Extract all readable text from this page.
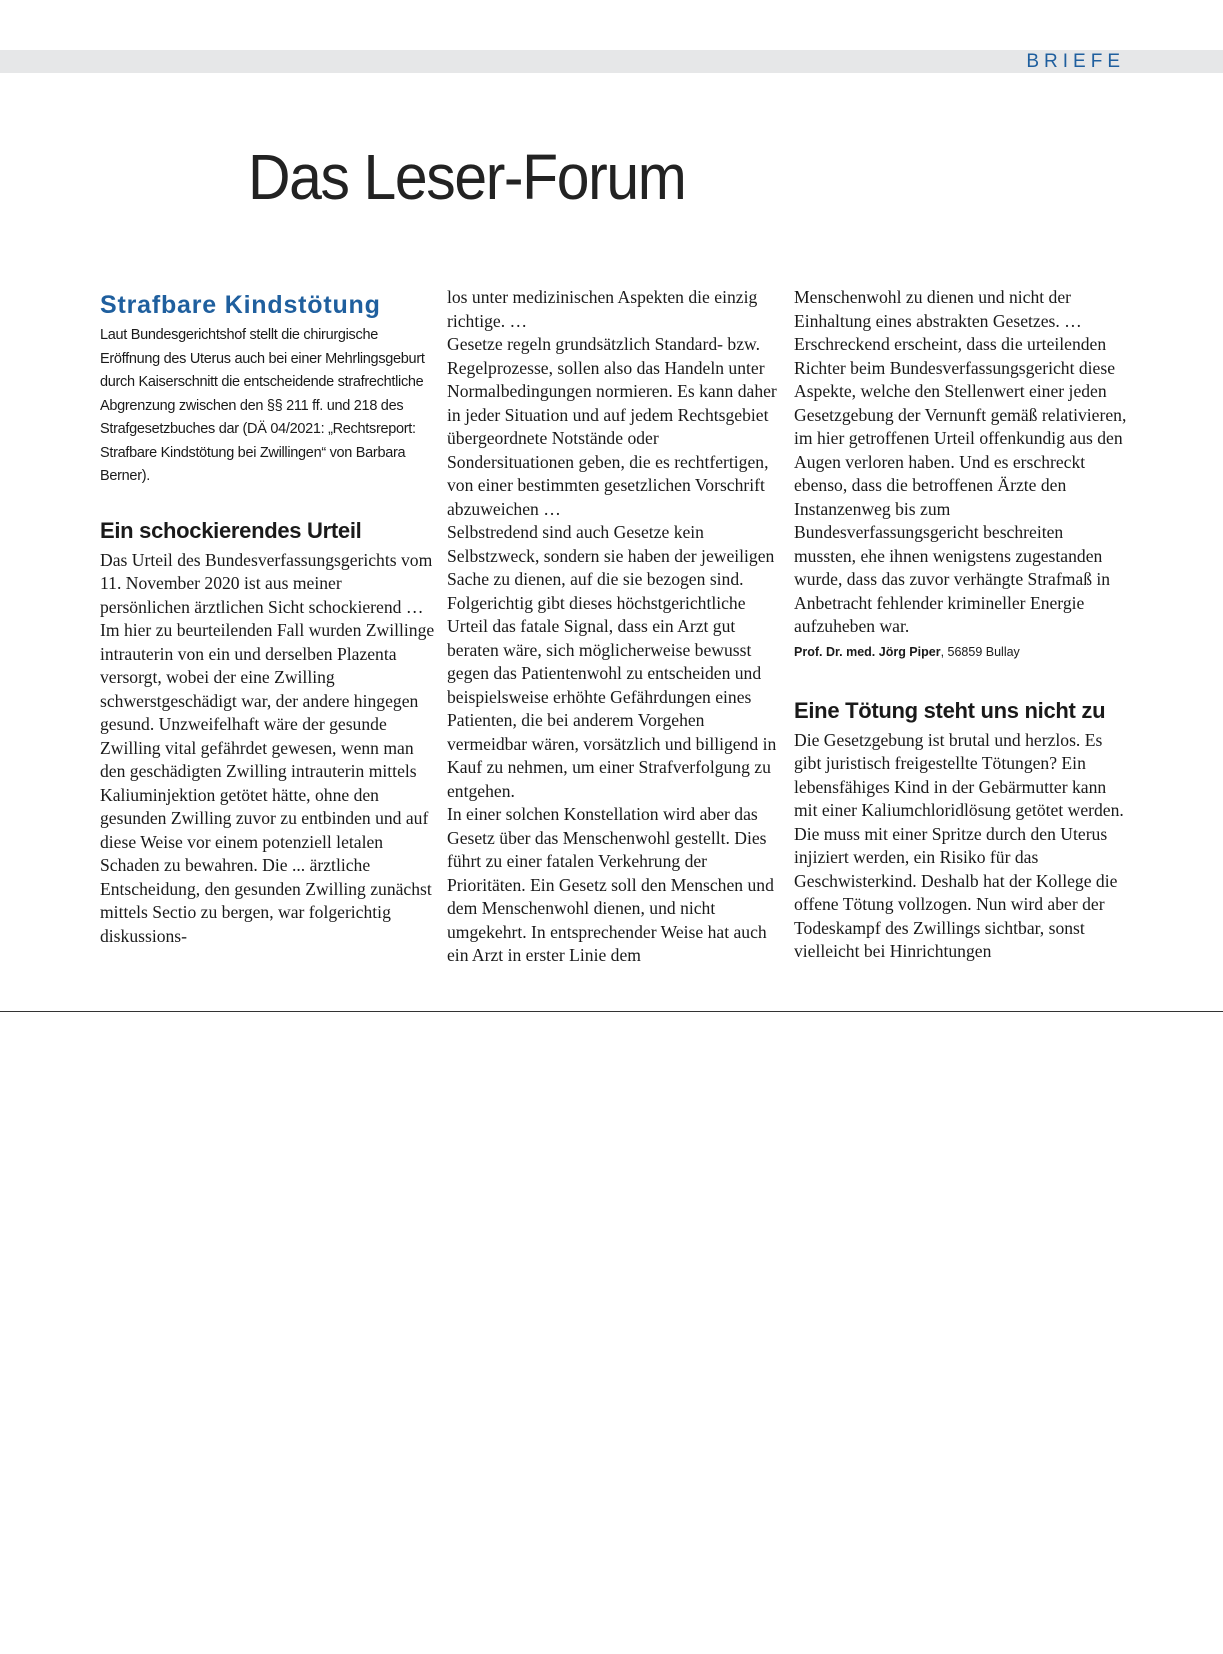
BRIEFE
Das Leser-Forum
Strafbare Kindstötung

Laut Bundesgerichtshof stellt die chirurgische Eröffnung des Uterus auch bei einer Mehrlingsgeburt durch Kaiserschnitt die entscheidende strafrechtliche Abgrenzung zwischen den §§ 211 ff. und 218 des Strafgesetzbuches dar (DÄ 04/2021: „Rechtsreport: Strafbare Kindstötung bei Zwillingen“ von Barbara Berner).

Ein schockierendes Urteil

Das Urteil des Bundesverfassungsgerichts vom 11. November 2020 ist aus meiner persönlichen ärztlichen Sicht schockierend … Im hier zu beurteilenden Fall wurden Zwillinge intrauterin von ein und derselben Plazenta versorgt, wobei der eine Zwilling schwerstgeschädigt war, der andere hingegen gesund. Unzweifelhaft wäre der gesunde Zwilling vital gefährdet gewesen, wenn man den geschädigten Zwilling intrauterin mittels Kaliuminjektion getötet hätte, ohne den gesunden Zwilling zuvor zu entbinden und auf diese Weise vor einem potenziell letalen Schaden zu bewahren. Die ... ärztliche Entscheidung, den gesunden Zwilling zunächst mittels Sectio zu bergen, war folgerichtig diskussions-

los unter medizinischen Aspekten die einzig richtige. …
Gesetze regeln grundsätzlich Standard- bzw. Regelprozesse, sollen also das Handeln unter Normalbedingungen normieren. Es kann daher in jeder Situation und auf jedem Rechtsgebiet übergeordnete Notstände oder Sondersituationen geben, die es rechtfertigen, von einer bestimmten gesetzlichen Vorschrift abzuweichen …
Selbstredend sind auch Gesetze kein Selbstzweck, sondern sie haben der jeweiligen Sache zu dienen, auf die sie bezogen sind. Folgerichtig gibt dieses höchstgerichtliche Urteil das fatale Signal, dass ein Arzt gut beraten wäre, sich möglicherweise bewusst gegen das Patientenwohl zu entscheiden und beispielsweise erhöhte Gefährdungen eines Patienten, die bei anderem Vorgehen vermeidbar wären, vorsätzlich und billigend in Kauf zu nehmen, um einer Strafverfolgung zu entgehen.
In einer solchen Konstellation wird aber das Gesetz über das Menschenwohl gestellt. Dies führt zu einer fatalen Verkehrung der Prioritäten. Ein Gesetz soll den Menschen und dem Menschenwohl dienen, und nicht umgekehrt. In entsprechender Weise hat auch ein Arzt in erster Linie dem

Menschenwohl zu dienen und nicht der Einhaltung eines abstrakten Gesetzes. …
Erschreckend erscheint, dass die urteilenden Richter beim Bundesverfassungsgericht diese Aspekte, welche den Stellenwert einer jeden Gesetzgebung der Vernunft gemäß relativieren, im hier getroffenen Urteil offenkundig aus den Augen verloren haben. Und es erschreckt ebenso, dass die betroffenen Ärzte den Instanzenweg bis zum Bundesverfassungsgericht beschreiten mussten, ehe ihnen wenigstens zugestanden wurde, dass das zuvor verhängte Strafmaß in Anbetracht fehlender krimineller Energie aufzuheben war.

Prof. Dr. med. Jörg Piper, 56859 Bullay

Eine Tötung steht uns nicht zu

Die Gesetzgebung ist brutal und herzlos. Es gibt juristisch freigestellte Tötungen? Ein lebensfähiges Kind in der Gebärmutter kann mit einer Kaliumchloridlösung getötet werden. Die muss mit einer Spritze durch den Uterus injiziert werden, ein Risiko für das Geschwisterkind. Deshalb hat der Kollege die offene Tötung vollzogen. Nun wird aber der Todeskampf des Zwillings sichtbar, sonst vielleicht bei Hinrichtungen
